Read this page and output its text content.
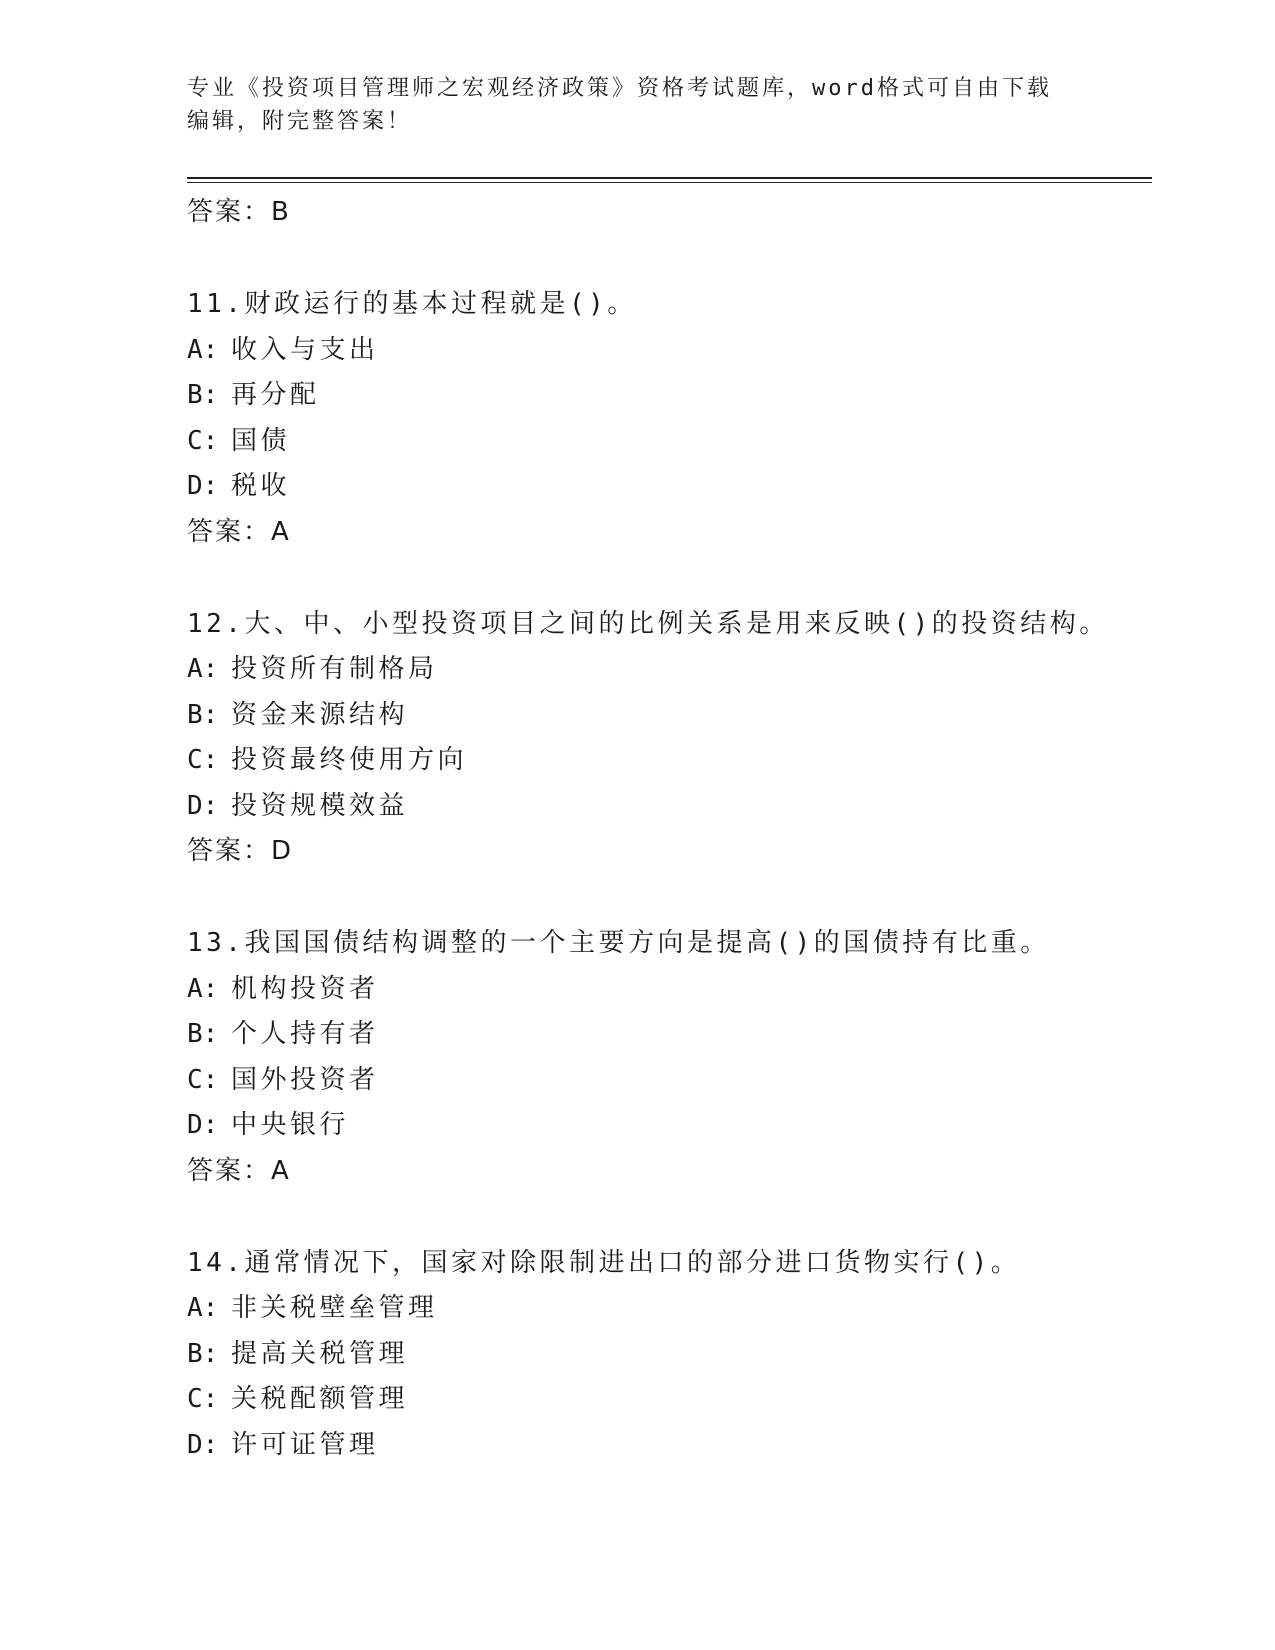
专业《投资项目管理师之宏观经济政策》资格考试题库，word格式可自由下载编辑，附完整答案！
答案：B
11.财政运行的基本过程就是()。
A: 收入与支出
B: 再分配
C: 国债
D: 税收
答案：A
12.大、中、小型投资项目之间的比例关系是用来反映()的投资结构。
A: 投资所有制格局
B: 资金来源结构
C: 投资最终使用方向
D: 投资规模效益
答案：D
13.我国国债结构调整的一个主要方向是提高()的国债持有比重。
A: 机构投资者
B: 个人持有者
C: 国外投资者
D: 中央银行
答案：A
14.通常情况下，国家对除限制进出口的部分进口货物实行()。
A: 非关税壁垒管理
B: 提高关税管理
C: 关税配额管理
D: 许可证管理
